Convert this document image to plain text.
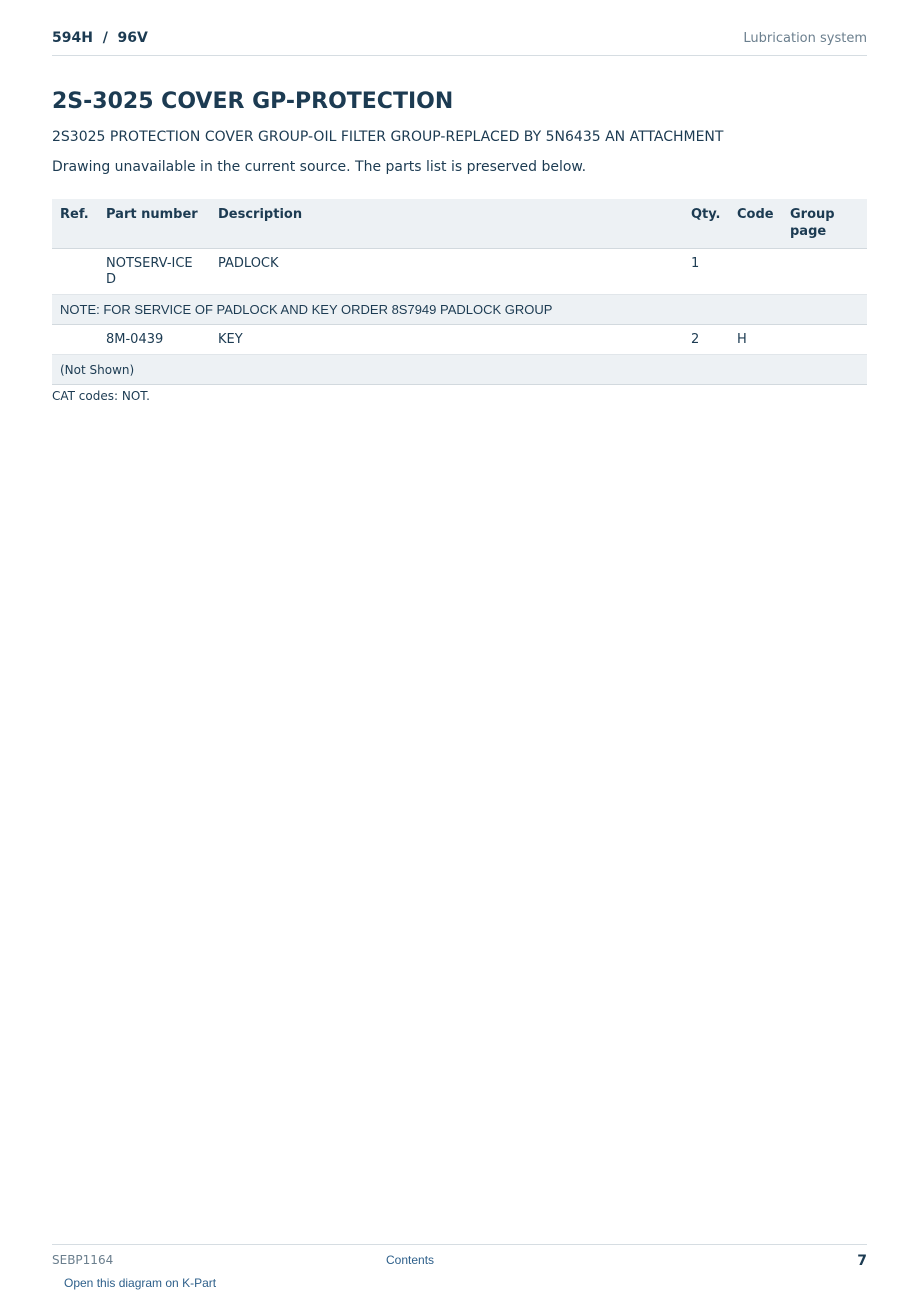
594H  /  96V	Lubrication system
2S-3025 COVER GP-PROTECTION
2S3025 PROTECTION COVER GROUP-OIL FILTER GROUP-REPLACED BY 5N6435 AN ATTACHMENT
Drawing unavailable in the current source. The parts list is preserved below.
Ref.	Part number	Description	Qty.	Code	Group page
	NOTSERV-ICED	PADLOCK	1		
NOTE: FOR SERVICE OF PADLOCK AND KEY ORDER 8S7949 PADLOCK GROUP					
	8M-0439	KEY	2	H	
(Not Shown)					
CAT codes: NOT.
SEBP1164	Contents	7
Open this diagram on K-Part
